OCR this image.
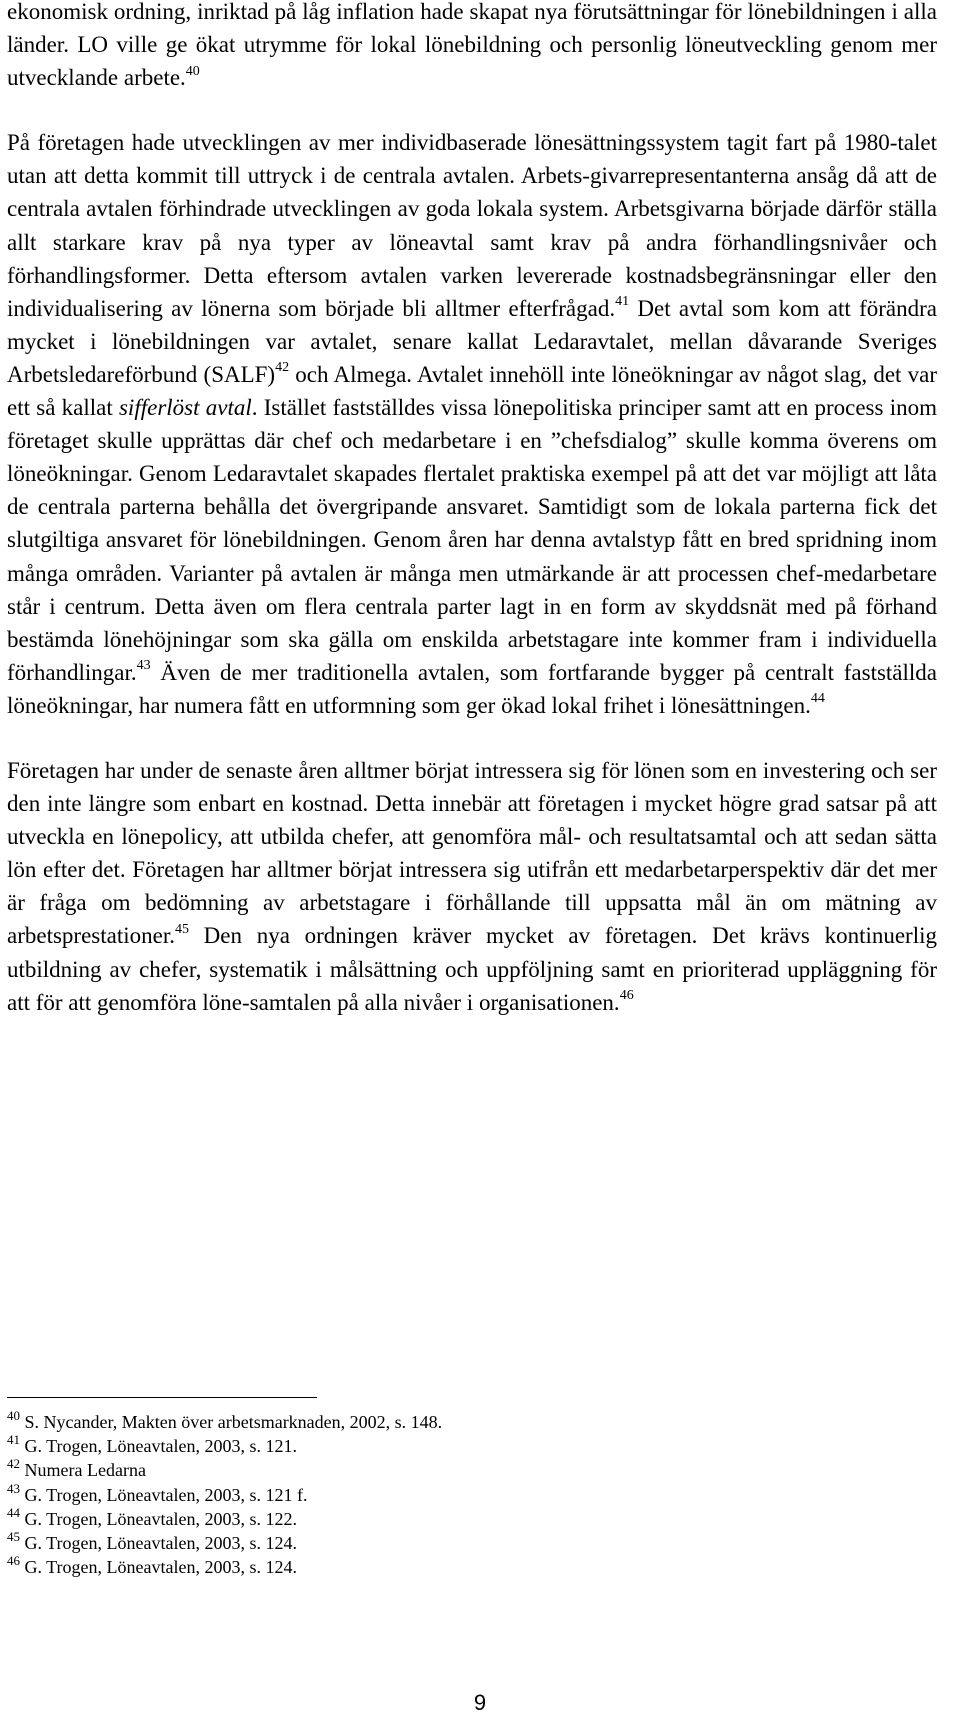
ekonomisk ordning, inriktad på låg inflation hade skapat nya förutsättningar för lönebildningen i alla länder. LO ville ge ökat utrymme för lokal lönebildning och personlig löneutveckling genom mer utvecklande arbete.$^{40}$

På företagen hade utvecklingen av mer individbaserade lönesättningssystem tagit fart på 1980-talet utan att detta kommit till uttryck i de centrala avtalen. Arbets-givarrepresentanterna ansåg då att de centrala avtalen förhindrade utvecklingen av goda lokala system. Arbetsgivarna började därför ställa allt starkare krav på nya typer av löneavtal samt krav på andra förhandlingsnivåer och förhandlingsformer. Detta eftersom avtalen varken levererade kostnadsbegränsningar eller den individualisering av lönerna som började bli alltmer efterfrågad.$^{41}$ Det avtal som kom att förändra mycket i lönebildningen var avtalet, senare kallat Ledaravtalet, mellan dåvarande Sveriges Arbetsledareförbund (SALF)$^{42}$ och Almega. Avtalet innehöll inte löneökningar av något slag, det var ett så kallat sifferlöst avtal. Istället fastställdes vissa lönepolitiska principer samt att en process inom företaget skulle upprättas där chef och medarbetare i en ”chefsdialog” skulle komma överens om löneökningar. Genom Ledaravtalet skapades flertalet praktiska exempel på att det var möjligt att låta de centrala parterna behålla det övergripande ansvaret. Samtidigt som de lokala parterna fick det slutgiltiga ansvaret för lönebildningen. Genom åren har denna avtalstyp fått en bred spridning inom många områden. Varianter på avtalen är många men utmärkande är att processen chef-medarbetare står i centrum. Detta även om flera centrala parter lagt in en form av skyddsnät med på förhand bestämda lönehöjningar som ska gälla om enskilda arbetstagare inte kommer fram i individuella förhandlingar.$^{43}$ Även de mer traditionella avtalen, som fortfarande bygger på centralt fastställda löneökningar, har numera fått en utformning som ger ökad lokal frihet i lönesättningen.$^{44}$

Företagen har under de senaste åren alltmer börjat intressera sig för lönen som en investering och ser den inte längre som enbart en kostnad. Detta innebär att företagen i mycket högre grad satsar på att utveckla en lönepolicy, att utbilda chefer, att genomföra mål- och resultatsamtal och att sedan sätta lön efter det. Företagen har alltmer börjat intressera sig utifrån ett medarbetarperspektiv där det mer är fråga om bedömning av arbetstagare i förhållande till uppsatta mål än om mätning av arbetsprestationer.$^{45}$ Den nya ordningen kräver mycket av företagen. Det krävs kontinuerlig utbildning av chefer, systematik i målsättning och uppföljning samt en prioriterad uppläggning för att för att genomföra löne-samtalen på alla nivåer i organisationen.$^{46}$

$^{40}$ S. Nycander, Makten över arbetsmarknaden, 2002, s. 148.
$^{41}$ G. Trogen, Löneavtalen, 2003, s. 121.
$^{42}$ Numera Ledarna
$^{43}$ G. Trogen, Löneavtalen, 2003, s. 121 f.
$^{44}$ G. Trogen, Löneavtalen, 2003, s. 122.
$^{45}$ G. Trogen, Löneavtalen, 2003, s. 124.
$^{46}$ G. Trogen, Löneavtalen, 2003, s. 124.
9
